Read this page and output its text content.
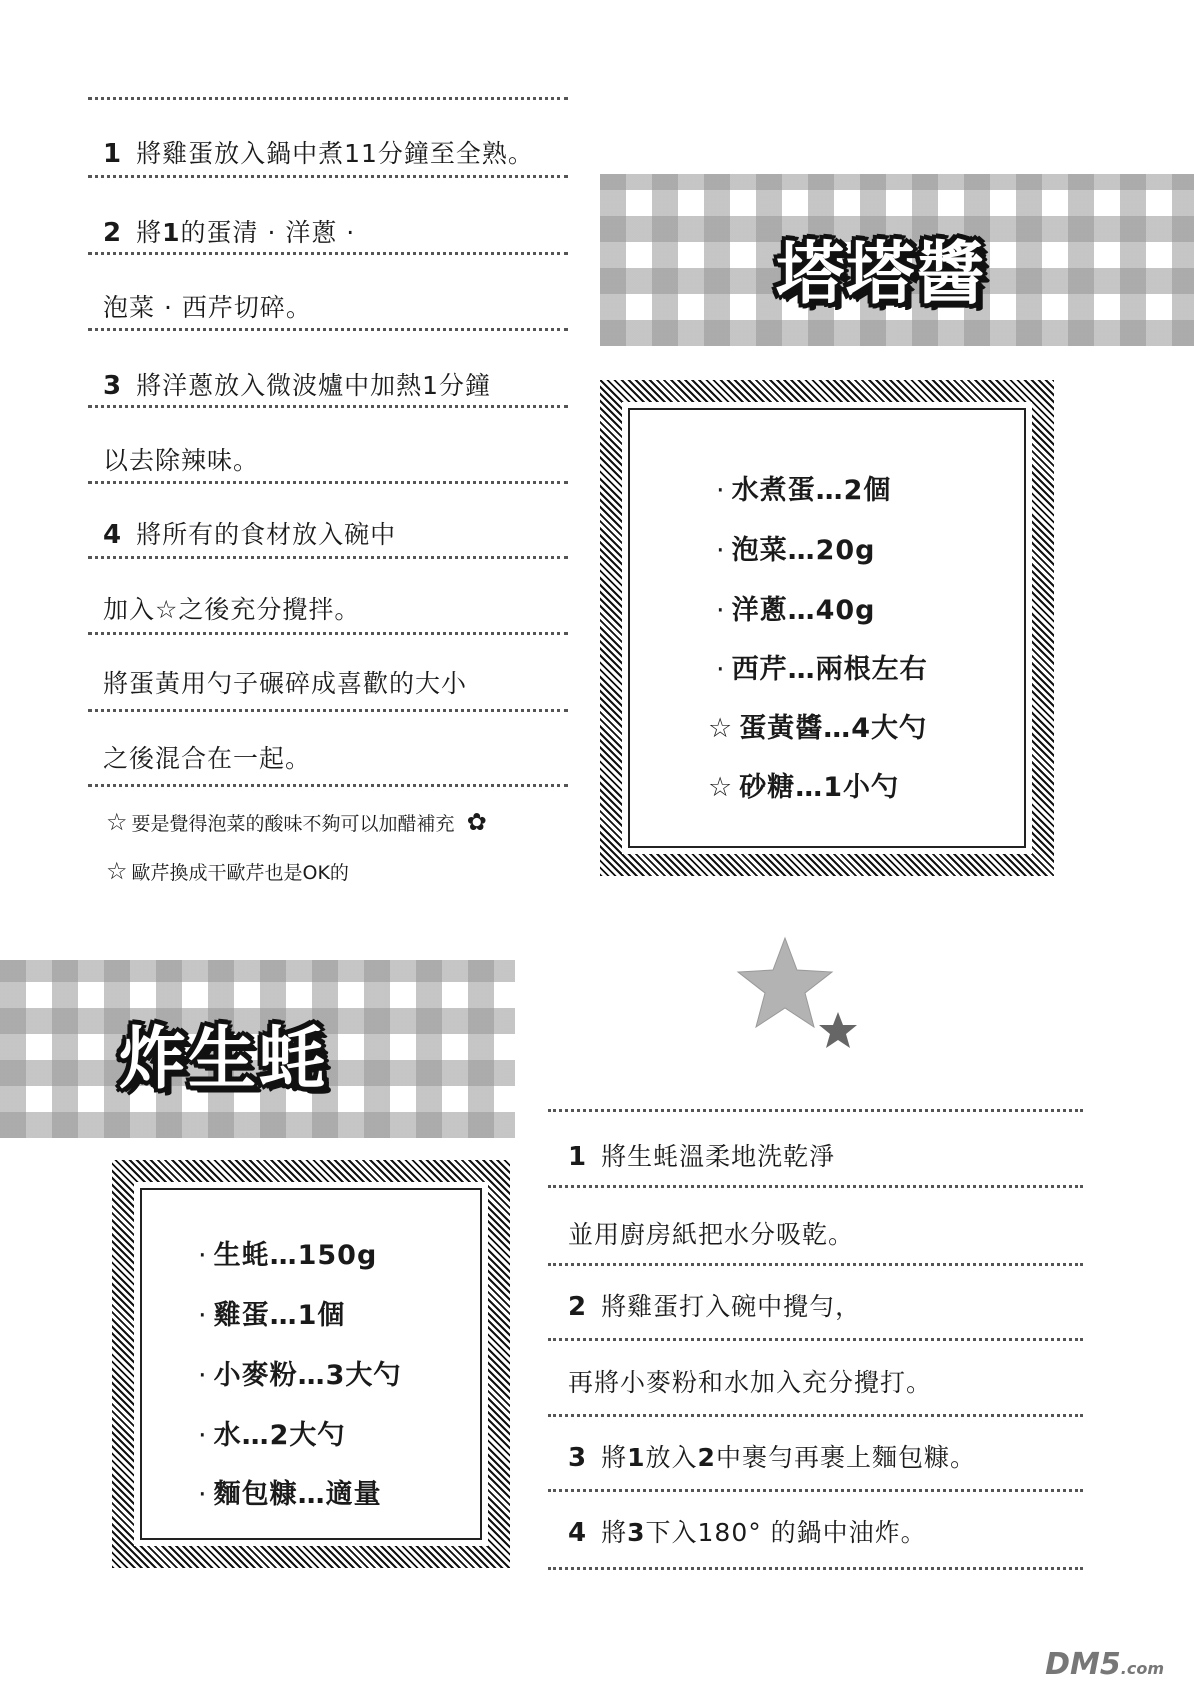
1 將雞蛋放入鍋中煮11分鐘至全熟。
2 將1的蛋清 · 洋蔥 ·
泡菜 · 西芹切碎。
3 將洋蔥放入微波爐中加熱1分鐘
以去除辣味。
4 將所有的食材放入碗中
加入☆之後充分攪拌。
將蛋黃用勺子碾碎成喜歡的大小
之後混合在一起。
☆ 要是覺得泡菜的酸味不夠可以加醋補充 ✿
☆ 歐芹換成干歐芹也是OK的
塔塔醬
· 水煮蛋…2個
· 泡菜…20g
· 洋蔥…40g
· 西芹…兩根左右
☆ 蛋黃醬…4大勺
☆ 砂糖…1小勺
炸生蚝
· 生蚝…150g
· 雞蛋…1個
· 小麥粉…3大勺
· 水…2大勺
· 麵包糠…適量
1 將生蚝溫柔地洗乾淨
並用廚房紙把水分吸乾。
2 將雞蛋打入碗中攪勻，
再將小麥粉和水加入充分攪打。
3 將1放入2中裹勻再裹上麵包糠。
4 將3下入180° 的鍋中油炸。
DM5.com
